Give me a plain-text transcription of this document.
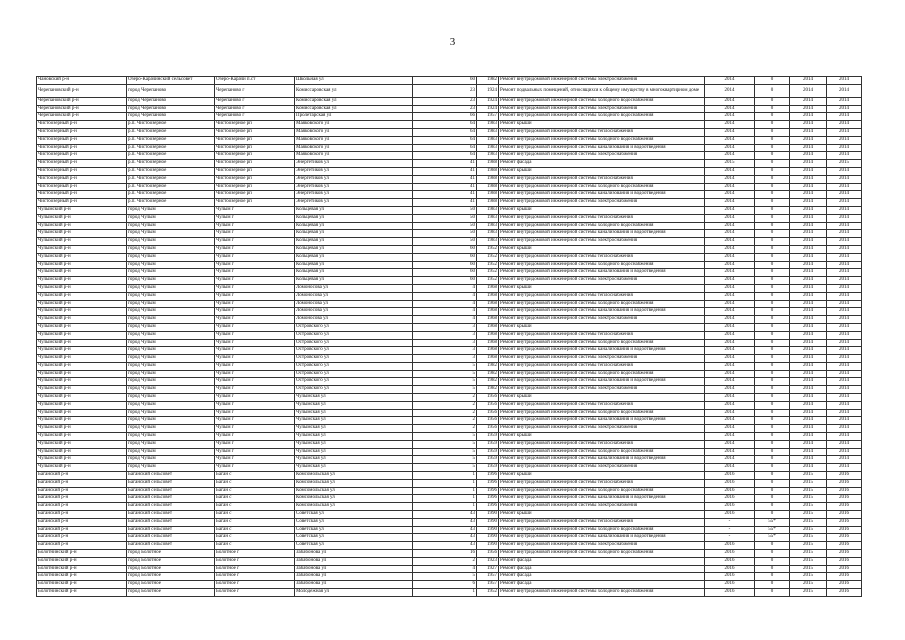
3
Чановский р-н	Озеро-Карачинский сельсовет	Озеро-Карачи п.ст	Школьная ул	60	1982	Ремонт внутридомовой инженерной системы электроснабжения	2014	0	2014	2014
Черепановский р-н	город Черепаново	Черепаново г	Комиссаровская ул	23	1924	Ремонт подвальных помещений, относящихся к общему имуществу в многоквартирном доме	2014	0	2014	2014
Черепановский р-н	город Черепаново	Черепаново г	Комиссаровская ул	23	1924	Ремонт внутридомовой инженерной системы холодного водоснабжения	2014	0	2014	2014
Черепановский р-н	город Черепаново	Черепаново г	Комиссаровская ул	23	1924	Ремонт внутридомовой инженерной системы электроснабжения	2014	0	2014	2014
Черепановский р-н	город Черепаново	Черепаново г	Пролетарская ул	66	1957	Ремонт внутридомовой инженерной системы холодного водоснабжения	2014	0	2014	2014
Чистоозерный р-н	р.п. Чистоозерное	Чистоозерное рп	Маяковского ул	64	1983	Ремонт крыши	2014	0	2014	2014
Чистоозерный р-н	р.п. Чистоозерное	Чистоозерное рп	Маяковского ул	64	1983	Ремонт внутридомовой инженерной системы теплоснабжения	2014	0	2014	2014
Чистоозерный р-н	р.п. Чистоозерное	Чистоозерное рп	Маяковского ул	64	1983	Ремонт внутридомовой инженерной системы холодного водоснабжения	2014	0	2014	2014
Чистоозерный р-н	р.п. Чистоозерное	Чистоозерное рп	Маяковского ул	64	1983	Ремонт внутридомовой инженерной системы канализования и водоотведения	2014	0	2014	2014
Чистоозерный р-н	р.п. Чистоозерное	Чистоозерное рп	Маяковского ул	64	1983	Ремонт внутридомовой инженерной системы электроснабжения	2014	0	2014	2014
Чистоозерный р-н	р.п. Чистоозерное	Чистоозерное рп	Энергетиков ул	41	1988	Ремонт фасада	2015	0	2014	2015
Чистоозерный р-н	р.п. Чистоозерное	Чистоозерное рп	Энергетиков ул	41	1988	Ремонт крыши	2014	0	2014	2014
Чистоозерный р-н	р.п. Чистоозерное	Чистоозерное рп	Энергетиков ул	41	1988	Ремонт внутридомовой инженерной системы теплоснабжения	2014	0	2014	2014
Чистоозерный р-н	р.п. Чистоозерное	Чистоозерное рп	Энергетиков ул	41	1988	Ремонт внутридомовой инженерной системы холодного водоснабжения	2014	0	2014	2014
Чистоозерный р-н	р.п. Чистоозерное	Чистоозерное рп	Энергетиков ул	41	1988	Ремонт внутридомовой инженерной системы канализования и водоотведения	2014	0	2014	2014
Чистоозерный р-н	р.п. Чистоозерное	Чистоозерное рп	Энергетиков ул	41	1988	Ремонт внутридомовой инженерной системы электроснабжения	2014	0	2014	2014
Чулымский р-н	город Чулым	Чулым г	Кольцевая ул	50	1983	Ремонт крыши	2014	0	2014	2014
Чулымский р-н	город Чулым	Чулым г	Кольцевая ул	50	1983	Ремонт внутридомовой инженерной системы теплоснабжения	2014	0	2014	2014
Чулымский р-н	город Чулым	Чулым г	Кольцевая ул	50	1983	Ремонт внутридомовой инженерной системы холодного водоснабжения	2014	0	2014	2014
Чулымский р-н	город Чулым	Чулым г	Кольцевая ул	50	1983	Ремонт внутридомовой инженерной системы канализования и водоотведения	2014	0	2014	2014
Чулымский р-н	город Чулым	Чулым г	Кольцевая ул	50	1983	Ремонт внутридомовой инженерной системы электроснабжения	2014	0	2014	2014
Чулымский р-н	город Чулым	Чулым г	Кольцевая ул	60	1952	Ремонт крыши	2014	0	2014	2014
Чулымский р-н	город Чулым	Чулым г	Кольцевая ул	60	1952	Ремонт внутридомовой инженерной системы теплоснабжения	2014	0	2014	2014
Чулымский р-н	город Чулым	Чулым г	Кольцевая ул	60	1952	Ремонт внутридомовой инженерной системы холодного водоснабжения	2014	0	2014	2014
Чулымский р-н	город Чулым	Чулым г	Кольцевая ул	60	1952	Ремонт внутридомовой инженерной системы канализования и водоотведения	2014	0	2014	2014
Чулымский р-н	город Чулым	Чулым г	Кольцевая ул	60	1952	Ремонт внутридомовой инженерной системы электроснабжения	2014	0	2014	2014
Чулымский р-н	город Чулым	Чулым г	Ломоносова ул	4	1968	Ремонт крыши	2014	0	2014	2014
Чулымский р-н	город Чулым	Чулым г	Ломоносова ул	4	1968	Ремонт внутридомовой инженерной системы теплоснабжения	2014	0	2014	2014
Чулымский р-н	город Чулым	Чулым г	Ломоносова ул	4	1968	Ремонт внутридомовой инженерной системы холодного водоснабжения	2014	0	2014	2014
Чулымский р-н	город Чулым	Чулым г	Ломоносова ул	4	1968	Ремонт внутридомовой инженерной системы канализования и водоотведения	2014	0	2014	2014
Чулымский р-н	город Чулым	Чулым г	Ломоносова ул	4	1968	Ремонт внутридомовой инженерной системы электроснабжения	2014	0	2014	2014
Чулымский р-н	город Чулым	Чулым г	Островского ул	3	1968	Ремонт крыши	2014	0	2014	2014
Чулымский р-н	город Чулым	Чулым г	Островского ул	3	1968	Ремонт внутридомовой инженерной системы теплоснабжения	2014	0	2014	2014
Чулымский р-н	город Чулым	Чулым г	Островского ул	3	1968	Ремонт внутридомовой инженерной системы холодного водоснабжения	2014	0	2014	2014
Чулымский р-н	город Чулым	Чулым г	Островского ул	3	1968	Ремонт внутридомовой инженерной системы канализования и водоотведения	2014	0	2014	2014
Чулымский р-н	город Чулым	Чулым г	Островского ул	3	1968	Ремонт внутридомовой инженерной системы электроснабжения	2014	0	2014	2014
Чулымский р-н	город Чулым	Чулым г	Островского ул	5	1982	Ремонт внутридомовой инженерной системы теплоснабжения	2014	0	2014	2014
Чулымский р-н	город Чулым	Чулым г	Островского ул	5	1982	Ремонт внутридомовой инженерной системы холодного водоснабжения	2014	0	2014	2014
Чулымский р-н	город Чулым	Чулым г	Островского ул	5	1982	Ремонт внутридомовой инженерной системы канализования и водоотведения	2014	0	2014	2014
Чулымский р-н	город Чулым	Чулым г	Островского ул	5	1982	Ремонт внутридомовой инженерной системы электроснабжения	2014	0	2014	2014
Чулымский р-н	город Чулым	Чулым г	Чулымская ул	2	1956	Ремонт крыши	2014	0	2014	2014
Чулымский р-н	город Чулым	Чулым г	Чулымская ул	2	1956	Ремонт внутридомовой инженерной системы теплоснабжения	2014	0	2014	2014
Чулымский р-н	город Чулым	Чулым г	Чулымская ул	2	1956	Ремонт внутридомовой инженерной системы холодного водоснабжения	2014	0	2014	2014
Чулымский р-н	город Чулым	Чулым г	Чулымская ул	2	1956	Ремонт внутридомовой инженерной системы канализования и водоотведения	2014	0	2014	2014
Чулымский р-н	город Чулым	Чулым г	Чулымская ул	2	1956	Ремонт внутридомовой инженерной системы электроснабжения	2014	0	2014	2014
Чулымский р-н	город Чулым	Чулым г	Чулымская ул	5	1959	Ремонт крыши	2014	0	2014	2014
Чулымский р-н	город Чулым	Чулым г	Чулымская ул	5	1959	Ремонт внутридомовой инженерной системы теплоснабжения	2014	0	2014	2014
Чулымский р-н	город Чулым	Чулым г	Чулымская ул	5	1959	Ремонт внутридомовой инженерной системы холодного водоснабжения	2014	0	2014	2014
Чулымский р-н	город Чулым	Чулым г	Чулымская ул	5	1959	Ремонт внутридомовой инженерной системы канализования и водоотведения	2014	0	2014	2014
Чулымский р-н	город Чулым	Чулым г	Чулымская ул	5	1959	Ремонт внутридомовой инженерной системы электроснабжения	2014	0	2014	2014
Баганский р-н	Баганский сельсовет	Баган с	Комсомольская ул	1	1996	Ремонт крыши	2016	0	2015	2016
Баганский р-н	Баганский сельсовет	Баган с	Комсомольская ул	1	1996	Ремонт внутридомовой инженерной системы теплоснабжения	2016	0	2015	2016
Баганский р-н	Баганский сельсовет	Баган с	Комсомольская ул	1	1996	Ремонт внутридомовой инженерной системы холодного водоснабжения	2016	0	2015	2016
Баганский р-н	Баганский сельсовет	Баган с	Комсомольская ул	1	1996	Ремонт внутридомовой инженерной системы канализования и водоотведения	2016	0	2015	2016
Баганский р-н	Баганский сельсовет	Баган с	Комсомольская ул	1	1996	Ремонт внутридомовой инженерной системы электроснабжения	2016	0	2015	2016
Баганский р-н	Баганский сельсовет	Баган с	Советская ул	43	1990	Ремонт крыши	2016	0	2015	2016
Баганский р-н	Баганский сельсовет	Баган с	Советская ул	43	1990	Ремонт внутридомовой инженерной системы теплоснабжения	-	55*	2015	2016
Баганский р-н	Баганский сельсовет	Баган с	Советская ул	43	1990	Ремонт внутридомовой инженерной системы холодного водоснабжения	-	55*	2015	2016
Баганский р-н	Баганский сельсовет	Баган с	Советская ул	43	1990	Ремонт внутридомовой инженерной системы канализования и водоотведения	-	55*	2015	2016
Баганский р-н	Баганский сельсовет	Баган с	Советская ул	43	1990	Ремонт внутридомовой инженерной системы электроснабжения	2016	0	2015	2016
Болотнинский р-н	город Болотное	Болотное г	Забабонова ул	16	1956	Ремонт внутридомовой инженерной системы холодного водоснабжения	2016	0	2015	2016
Болотнинский р-н	город Болотное	Болотное г	Забабонова ул	2	1923	Ремонт фасада	2016	0	2015	2016
Болотнинский р-н	город Болотное	Болотное г	Забабонова ул	4	1927	Ремонт фасада	2016	0	2015	2016
Болотнинский р-н	город Болотное	Болотное г	Забабонова ул	5	1957	Ремонт фасада	2016	0	2015	2016
Болотнинский р-н	город Болотное	Болотное г	Забабонова ул	6	1957	Ремонт фасада	2016	0	2015	2016
Болотнинский р-н	город Болотное	Болотное г	Молодёжная ул	1	1952	Ремонт внутридомовой инженерной системы холодного водоснабжения	2016	0	2015	2016
